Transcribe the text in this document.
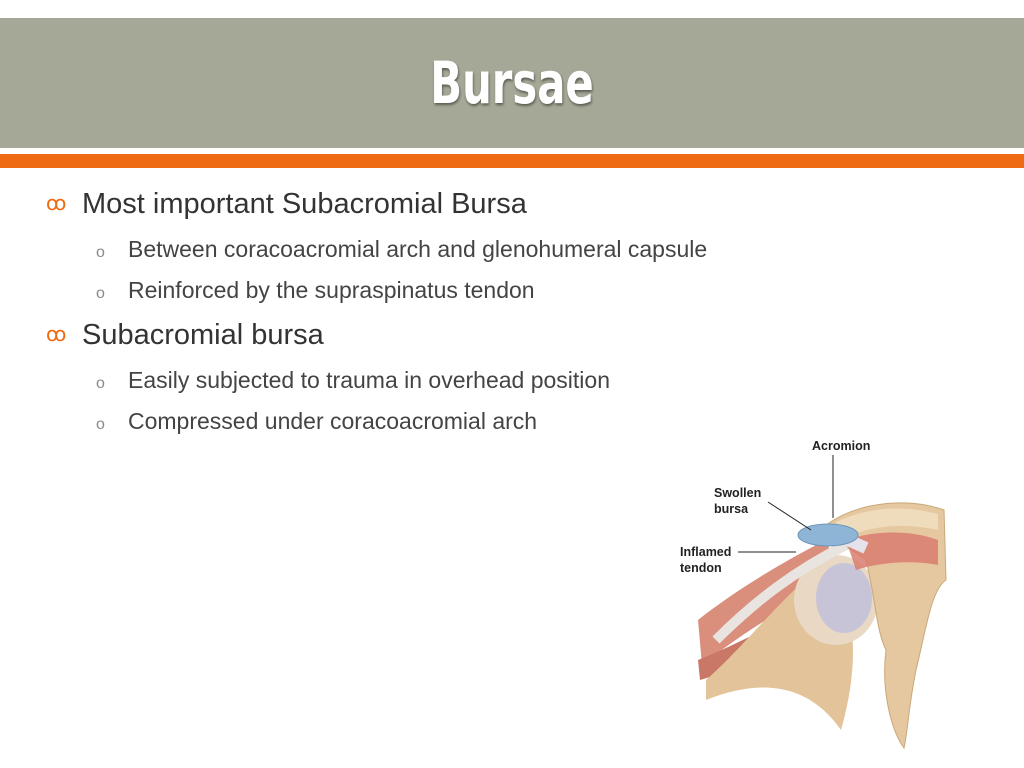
Bursae
ꝏ Most important Subacromial Bursa
o	Between coracoacromial arch and glenohumeral capsule
o	Reinforced by the supraspinatus tendon
ꝏ Subacromial bursa
o	Easily subjected to trauma in overhead position
o	Compressed under coracoacromial arch
Acromion
Swollen
bursa
Inflamed
tendon
